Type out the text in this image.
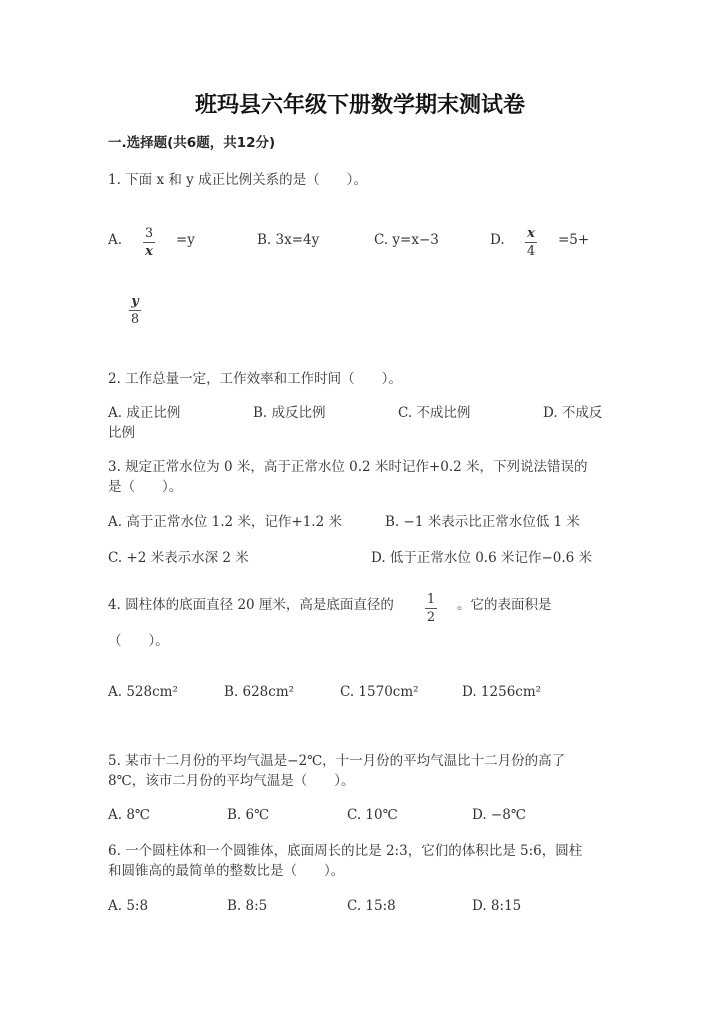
班玛县六年级下册数学期末测试卷
一.选择题(共6题，共12分)
1. 下面 x 和 y 成正比例关系的是（　　）。
A. 3
x
=y	B. 3x=4y	C. y=x−3	D. x
4
=5+
y
8
2. 工作总量一定，工作效率和工作时间（　　）。
A. 成正比例	B. 成反比例	C. 不成比例	D. 不成反
比例
3. 规定正常水位为 0 米，高于正常水位 0.2 米时记作+0.2 米，下列说法错误的
是（　　）。
A. 高于正常水位 1.2 米，记作+1.2 米	B. −1 米表示比正常水位低 1 米
C. +2 米表示水深 2 米	D. 低于正常水位 0.6 米记作−0.6 米
4. 圆柱体的底面直径 20 厘米，高是底面直径的	1
2
。它的表面积是
（　　）。
A. 528cm²	B. 628cm²	C. 1570cm²	D. 1256cm²
5. 某市十二月份的平均气温是−2℃，十一月份的平均气温比十二月份的高了
8℃，该市二月份的平均气温是（　　）。
A. 8℃	B. 6℃	C. 10℃	D. −8℃
6. 一个圆柱体和一个圆锥体，底面周长的比是 2:3，它们的体积比是 5:6，圆柱
和圆锥高的最简单的整数比是（　　）。
A. 5:8	B. 8:5	C. 15:8	D. 8:15
